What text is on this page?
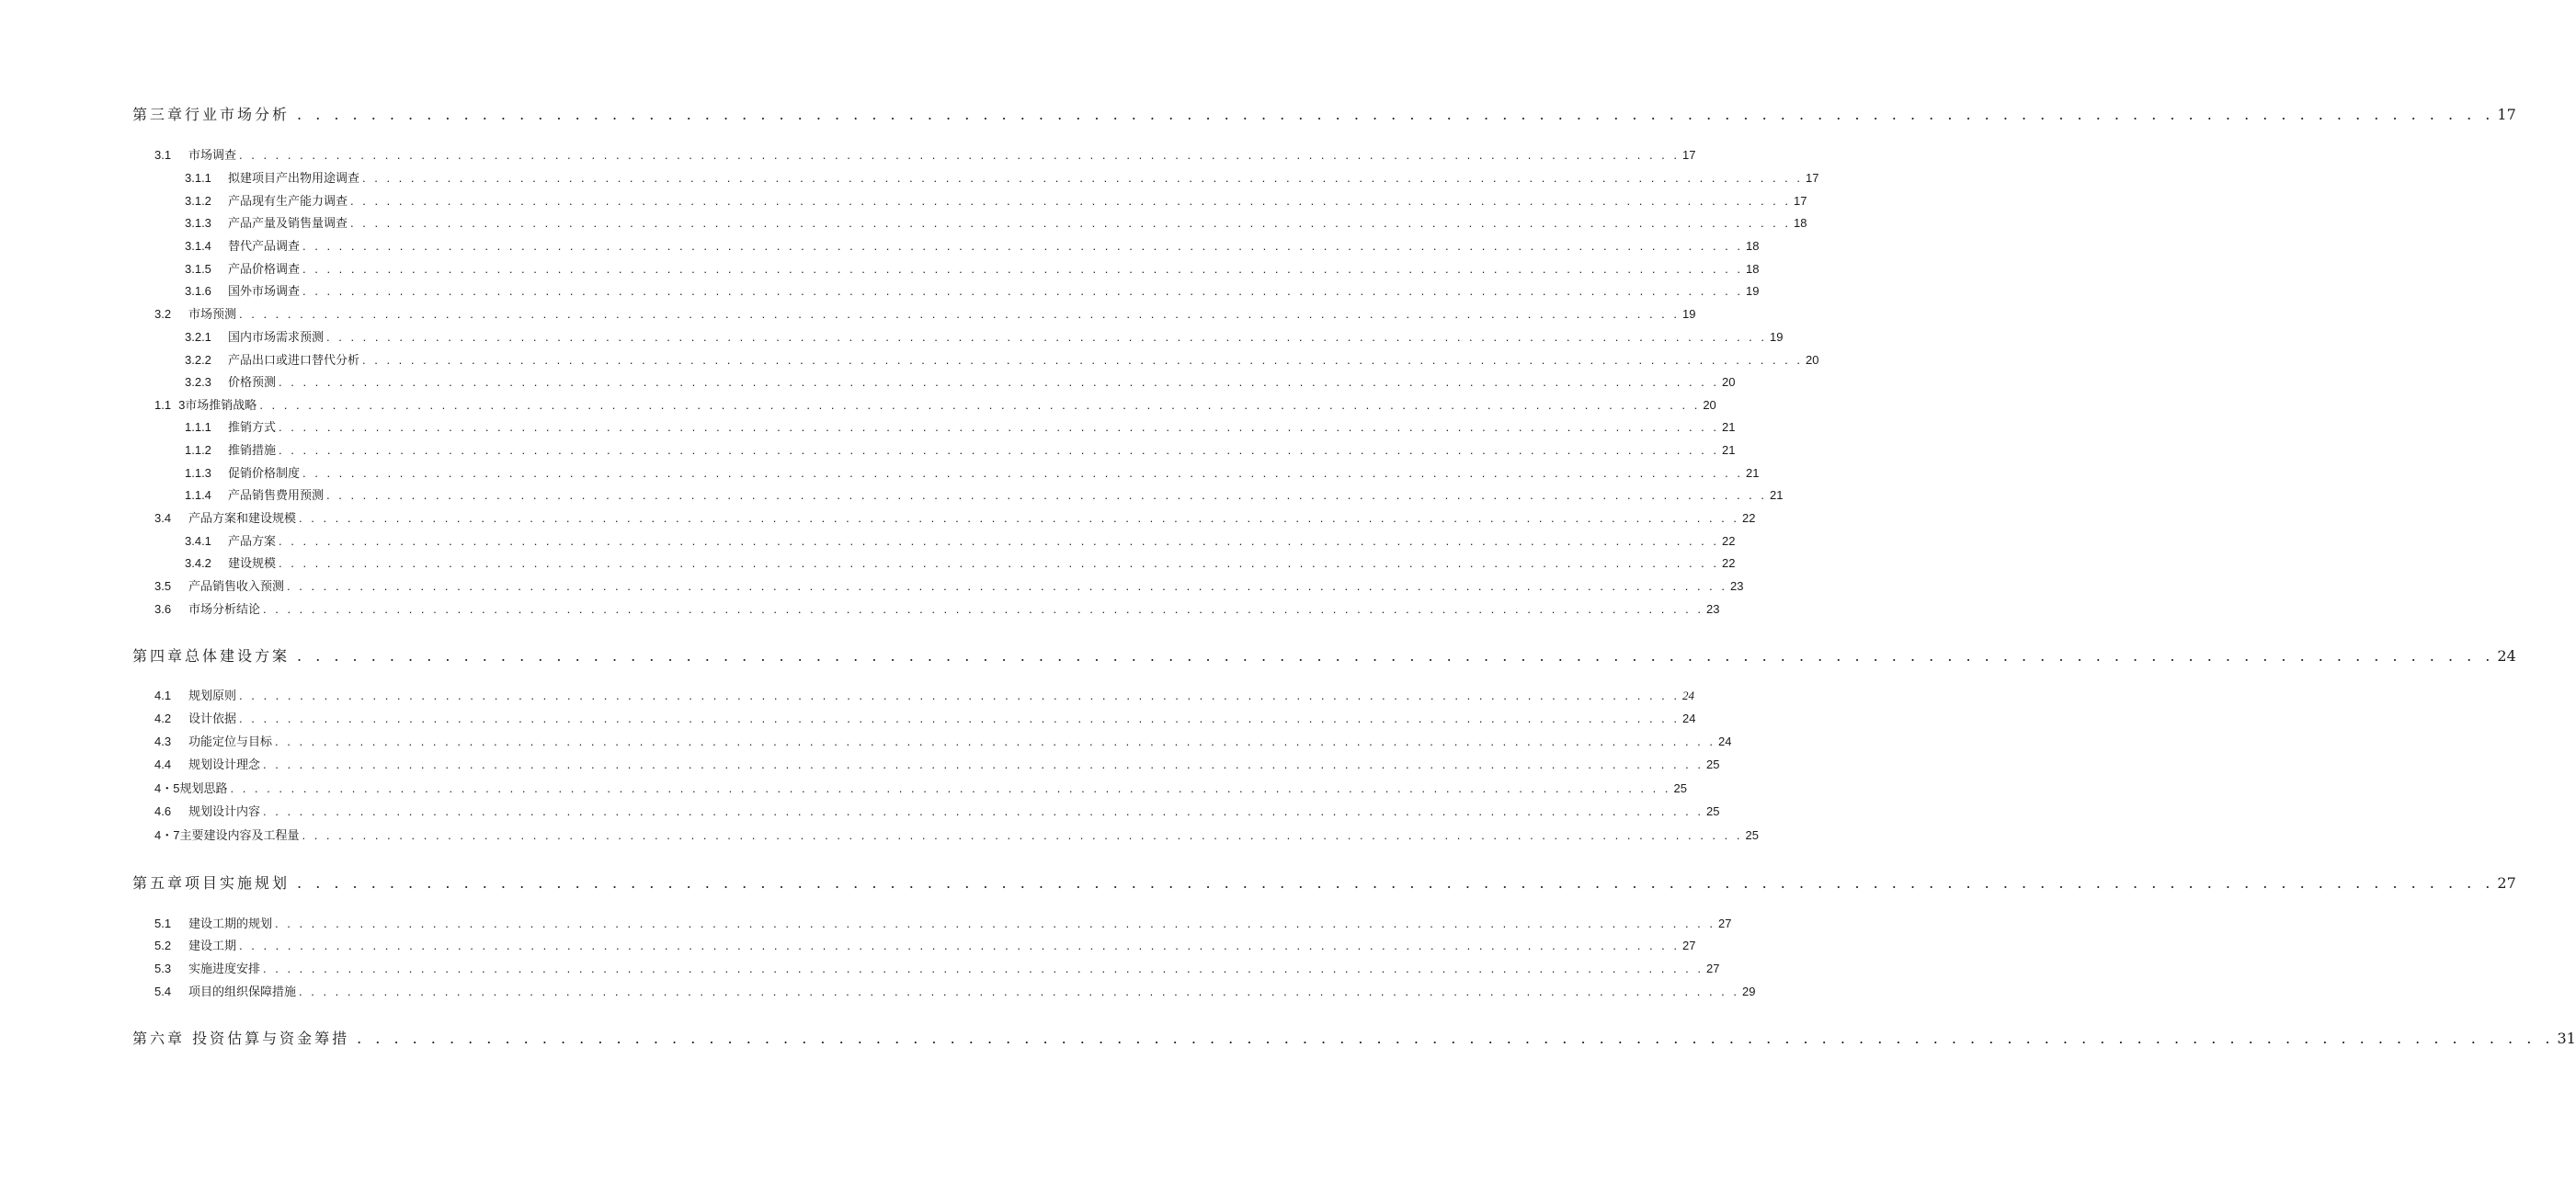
第三章行业市场分析 . . . . . . . . . . . . . . . . . . . . . . . . . . . . . . . . . . . . . . . . . . . . . . . . . . . . . . . . . . . . . . . . . . . . . . . . . . . . . . . . . . . . . . . . . . . . . . . . . . . . . . . . . . . . . . . . . . . . . . . 17
3.1	市场调查 . . . . . . . . . . . . . . . . . . . . . . . . . . . . . . . . . . . . . . . . . . . . . . . . . . . . . . . . . . . . . . . . . . . . . . . . . . . . . . . . . . . . . . . . . . . . . . . . . . . . . . . . . . . . . . . . . . . . . . . 17
3.1.1	拟建项目产出物用途调查 . . . . . . . . . . . . . . . . . . . . . . . . . . . . . . . . . . . . . . . . . . . . . . . . . . . . . . . . . . . . . . . . . . . . . . . . . . . . . . . . . . . . . . . . . . . . . . . . . . . . . . . . . . . . . . . . . . . . . . . 17
3.1.2	产品现有生产能力调查 . . . . . . . . . . . . . . . . . . . . . . . . . . . . . . . . . . . . . . . . . . . . . . . . . . . . . . . . . . . . . . . . . . . . . . . . . . . . . . . . . . . . . . . . . . . . . . . . . . . . . . . . . . . . . . . . . . . . . . . 17
3.1.3	产品产量及销售量调查 . . . . . . . . . . . . . . . . . . . . . . . . . . . . . . . . . . . . . . . . . . . . . . . . . . . . . . . . . . . . . . . . . . . . . . . . . . . . . . . . . . . . . . . . . . . . . . . . . . . . . . . . . . . . . . . . . . . . . . . 18
3.1.4	替代产品调查 . . . . . . . . . . . . . . . . . . . . . . . . . . . . . . . . . . . . . . . . . . . . . . . . . . . . . . . . . . . . . . . . . . . . . . . . . . . . . . . . . . . . . . . . . . . . . . . . . . . . . . . . . . . . . . . . . . . . . . . 18
3.1.5	产品价格调查 . . . . . . . . . . . . . . . . . . . . . . . . . . . . . . . . . . . . . . . . . . . . . . . . . . . . . . . . . . . . . . . . . . . . . . . . . . . . . . . . . . . . . . . . . . . . . . . . . . . . . . . . . . . . . . . . . . . . . . . 18
3.1.6	国外市场调查 . . . . . . . . . . . . . . . . . . . . . . . . . . . . . . . . . . . . . . . . . . . . . . . . . . . . . . . . . . . . . . . . . . . . . . . . . . . . . . . . . . . . . . . . . . . . . . . . . . . . . . . . . . . . . . . . . . . . . . . 19
3.2	市场预测 . . . . . . . . . . . . . . . . . . . . . . . . . . . . . . . . . . . . . . . . . . . . . . . . . . . . . . . . . . . . . . . . . . . . . . . . . . . . . . . . . . . . . . . . . . . . . . . . . . . . . . . . . . . . . . . . . . . . . . . 19
3.2.1	国内市场需求预测 . . . . . . . . . . . . . . . . . . . . . . . . . . . . . . . . . . . . . . . . . . . . . . . . . . . . . . . . . . . . . . . . . . . . . . . . . . . . . . . . . . . . . . . . . . . . . . . . . . . . . . . . . . . . . . . . . . . . . . . 19
3.2.2	产品出口或进口替代分析 . . . . . . . . . . . . . . . . . . . . . . . . . . . . . . . . . . . . . . . . . . . . . . . . . . . . . . . . . . . . . . . . . . . . . . . . . . . . . . . . . . . . . . . . . . . . . . . . . . . . . . . . . . . . . . . . . . . . . . . 20
3.2.3	价格预测 . . . . . . . . . . . . . . . . . . . . . . . . . . . . . . . . . . . . . . . . . . . . . . . . . . . . . . . . . . . . . . . . . . . . . . . . . . . . . . . . . . . . . . . . . . . . . . . . . . . . . . . . . . . . . . . . . . . . . . . 20
1.1 3市场推销战略 . . . . . . . . . . . . . . . . . . . . . . . . . . . . . . . . . . . . . . . . . . . . . . . . . . . . . . . . . . . . . . . . . . . . . . . . . . . . . . . . . . . . . . . . . . . . . . . . . . . . . . . . . . . . . . . . . . . . . . . 20
1.1.1	推销方式 . . . . . . . . . . . . . . . . . . . . . . . . . . . . . . . . . . . . . . . . . . . . . . . . . . . . . . . . . . . . . . . . . . . . . . . . . . . . . . . . . . . . . . . . . . . . . . . . . . . . . . . . . . . . . . . . . . . . . . . 21
1.1.2	推销措施 . . . . . . . . . . . . . . . . . . . . . . . . . . . . . . . . . . . . . . . . . . . . . . . . . . . . . . . . . . . . . . . . . . . . . . . . . . . . . . . . . . . . . . . . . . . . . . . . . . . . . . . . . . . . . . . . . . . . . . . 21
1.1.3	促销价格制度 . . . . . . . . . . . . . . . . . . . . . . . . . . . . . . . . . . . . . . . . . . . . . . . . . . . . . . . . . . . . . . . . . . . . . . . . . . . . . . . . . . . . . . . . . . . . . . . . . . . . . . . . . . . . . . . . . . . . . . . 21
1.1.4	产品销售费用预测 . . . . . . . . . . . . . . . . . . . . . . . . . . . . . . . . . . . . . . . . . . . . . . . . . . . . . . . . . . . . . . . . . . . . . . . . . . . . . . . . . . . . . . . . . . . . . . . . . . . . . . . . . . . . . . . . . . . . . . . 21
3.4	产品方案和建设规模 . . . . . . . . . . . . . . . . . . . . . . . . . . . . . . . . . . . . . . . . . . . . . . . . . . . . . . . . . . . . . . . . . . . . . . . . . . . . . . . . . . . . . . . . . . . . . . . . . . . . . . . . . . . . . . . . . . . . . . . 22
3.4.1	产品方案 . . . . . . . . . . . . . . . . . . . . . . . . . . . . . . . . . . . . . . . . . . . . . . . . . . . . . . . . . . . . . . . . . . . . . . . . . . . . . . . . . . . . . . . . . . . . . . . . . . . . . . . . . . . . . . . . . . . . . . . 22
3.4.2	建设规模 . . . . . . . . . . . . . . . . . . . . . . . . . . . . . . . . . . . . . . . . . . . . . . . . . . . . . . . . . . . . . . . . . . . . . . . . . . . . . . . . . . . . . . . . . . . . . . . . . . . . . . . . . . . . . . . . . . . . . . . 22
3.5	产品销售收入预测 . . . . . . . . . . . . . . . . . . . . . . . . . . . . . . . . . . . . . . . . . . . . . . . . . . . . . . . . . . . . . . . . . . . . . . . . . . . . . . . . . . . . . . . . . . . . . . . . . . . . . . . . . . . . . . . . . . . . . . . 23
3.6	市场分析结论 . . . . . . . . . . . . . . . . . . . . . . . . . . . . . . . . . . . . . . . . . . . . . . . . . . . . . . . . . . . . . . . . . . . . . . . . . . . . . . . . . . . . . . . . . . . . . . . . . . . . . . . . . . . . . . . . . . . . . . . 23
第四章总体建设方案 . . . . . . . . . . . . . . . . . . . . . . . . . . . . . . . . . . . . . . . . . . . . . . . . . . . . . . . . . . . . . . . . . . . . . . . . . . . . . . . . . . . . . . . . . . . . . . . . . . . . . . . . . . . . . . . . . . . . . . . 24
4.1	规划原则 . . . . . . . . . . . . . . . . . . . . . . . . . . . . . . . . . . . . . . . . . . . . . . . . . . . . . . . . . . . . . . . . . . . . . . . . . . . . . . . . . . . . . . . . . . . . . . . . . . . . . . . . . . . . . . . . . . . . . . . 24
4.2	设计依据 . . . . . . . . . . . . . . . . . . . . . . . . . . . . . . . . . . . . . . . . . . . . . . . . . . . . . . . . . . . . . . . . . . . . . . . . . . . . . . . . . . . . . . . . . . . . . . . . . . . . . . . . . . . . . . . . . . . . . . . 24
4.3	功能定位与目标 . . . . . . . . . . . . . . . . . . . . . . . . . . . . . . . . . . . . . . . . . . . . . . . . . . . . . . . . . . . . . . . . . . . . . . . . . . . . . . . . . . . . . . . . . . . . . . . . . . . . . . . . . . . . . . . . . . . . . . . 24
4.4	规划设计理念 . . . . . . . . . . . . . . . . . . . . . . . . . . . . . . . . . . . . . . . . . . . . . . . . . . . . . . . . . . . . . . . . . . . . . . . . . . . . . . . . . . . . . . . . . . . . . . . . . . . . . . . . . . . . . . . . . . . . . . . 25
4・5 规划思路 . . . . . . . . . . . . . . . . . . . . . . . . . . . . . . . . . . . . . . . . . . . . . . . . . . . . . . . . . . . . . . . . . . . . . . . . . . . . . . . . . . . . . . . . . . . . . . . . . . . . . . . . . . . . . . . . . . . . . . . 25
4.6	规划设计内容 . . . . . . . . . . . . . . . . . . . . . . . . . . . . . . . . . . . . . . . . . . . . . . . . . . . . . . . . . . . . . . . . . . . . . . . . . . . . . . . . . . . . . . . . . . . . . . . . . . . . . . . . . . . . . . . . . . . . . . . 25
4・7 主要建设内容及工程量 . . . . . . . . . . . . . . . . . . . . . . . . . . . . . . . . . . . . . . . . . . . . . . . . . . . . . . . . . . . . . . . . . . . . . . . . . . . . . . . . . . . . . . . . . . . . . . . . . . . . . . . . . . . . . . . . . . . . . . . 25
第五章项目实施规划 . . . . . . . . . . . . . . . . . . . . . . . . . . . . . . . . . . . . . . . . . . . . . . . . . . . . . . . . . . . . . . . . . . . . . . . . . . . . . . . . . . . . . . . . . . . . . . . . . . . . . . . . . . . . . . . . . . . . . . . 27
5.1	建设工期的规划 . . . . . . . . . . . . . . . . . . . . . . . . . . . . . . . . . . . . . . . . . . . . . . . . . . . . . . . . . . . . . . . . . . . . . . . . . . . . . . . . . . . . . . . . . . . . . . . . . . . . . . . . . . . . . . . . . . . . . . . 27
5.2	建设工期 . . . . . . . . . . . . . . . . . . . . . . . . . . . . . . . . . . . . . . . . . . . . . . . . . . . . . . . . . . . . . . . . . . . . . . . . . . . . . . . . . . . . . . . . . . . . . . . . . . . . . . . . . . . . . . . . . . . . . . . 27
5.3	实施进度安排 . . . . . . . . . . . . . . . . . . . . . . . . . . . . . . . . . . . . . . . . . . . . . . . . . . . . . . . . . . . . . . . . . . . . . . . . . . . . . . . . . . . . . . . . . . . . . . . . . . . . . . . . . . . . . . . . . . . . . . . 27
5.4	项目的组织保障措施 . . . . . . . . . . . . . . . . . . . . . . . . . . . . . . . . . . . . . . . . . . . . . . . . . . . . . . . . . . . . . . . . . . . . . . . . . . . . . . . . . . . . . . . . . . . . . . . . . . . . . . . . . . . . . . . . . . . . . . . 29
第六章 投资估算与资金筹措 . . . . . . . . . . . . . . . . . . . . . . . . . . . . . . . . . . . . . . . . . . . . . . . . . . . . . . . . . . . . . . . . . . . . . . . . . . . . . . . . . . . . . . . . . . . . . . . . . . . . . . . . . . . . . . . . . . . . . . . 31
